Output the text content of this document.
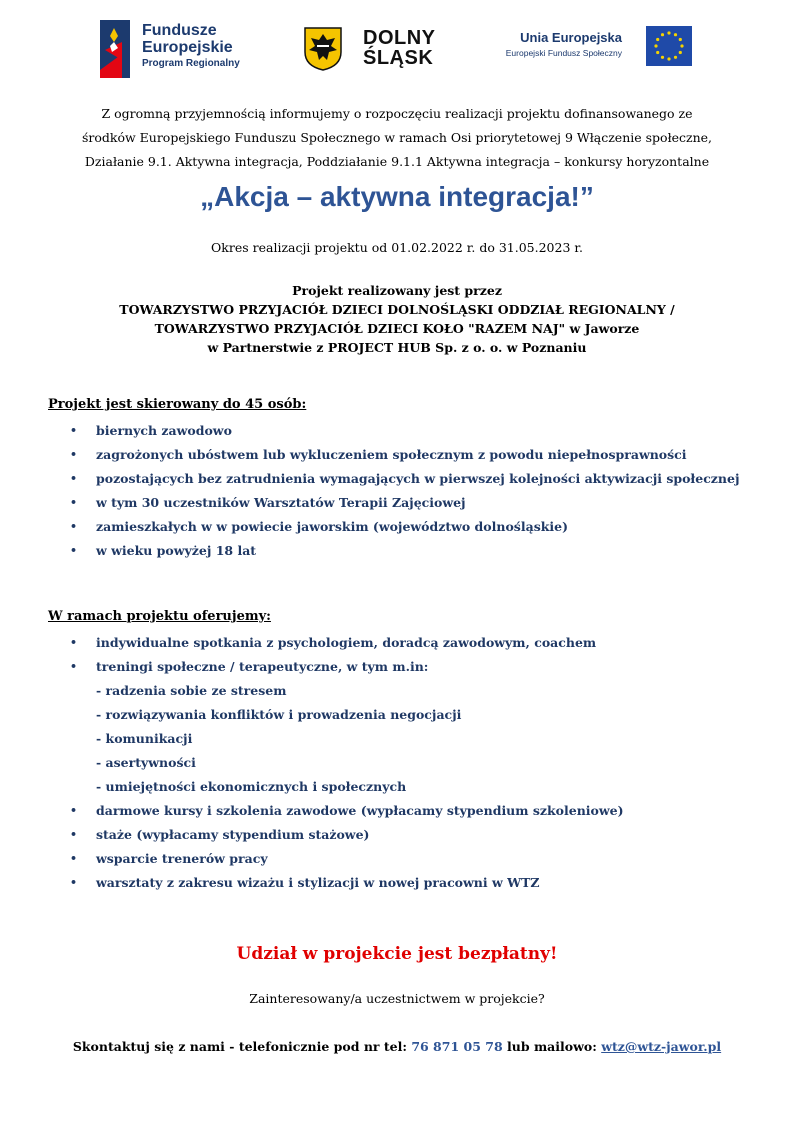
Fundusze
Europejskie
Program Regionalny
DOLNY
ŚLĄSK
Unia Europejska
Europejski Fundusz Społeczny
Z ogromną przyjemnością informujemy o rozpoczęciu realizacji projektu dofinansowanego ze
środków Europejskiego Funduszu Społecznego w ramach Osi priorytetowej 9 Włączenie społeczne,
Działanie 9.1. Aktywna integracja, Poddziałanie 9.1.1 Aktywna integracja – konkursy horyzontalne
„Akcja – aktywna integracja!”
Okres realizacji projektu od 01.02.2022 r. do 31.05.2023 r.
Projekt realizowany jest przez
TOWARZYSTWO PRZYJACIÓŁ DZIECI DOLNOŚLĄSKI ODDZIAŁ REGIONALNY /
TOWARZYSTWO PRZYJACIÓŁ DZIECI KOŁO "RAZEM NAJ" w Jaworze
w Partnerstwie z PROJECT HUB Sp. z o. o. w Poznaniu
Projekt jest skierowany do 45 osób:
• biernych zawodowo
• zagrożonych ubóstwem lub wykluczeniem społecznym z powodu niepełnosprawności
• pozostających bez zatrudnienia wymagających w pierwszej kolejności aktywizacji społecznej
• w tym 30 uczestników Warsztatów Terapii Zajęciowej
• zamieszkałych w w powiecie jaworskim (województwo dolnośląskie)
• w wieku powyżej 18 lat
W ramach projektu oferujemy:
• indywidualne spotkania z psychologiem, doradcą zawodowym, coachem
• treningi społeczne / terapeutyczne, w tym m.in:
- radzenia sobie ze stresem
- rozwiązywania konfliktów i prowadzenia negocjacji
- komunikacji
- asertywności
- umiejętności ekonomicznych i społecznych
• darmowe kursy i szkolenia zawodowe (wypłacamy stypendium szkoleniowe)
• staże (wypłacamy stypendium stażowe)
• wsparcie trenerów pracy
• warsztaty z zakresu wizażu i stylizacji w nowej pracowni w WTZ
Udział w projekcie jest bezpłatny!
Zainteresowany/a uczestnictwem w projekcie?
Skontaktuj się z nami - telefonicznie pod nr tel: 76 871 05 78 lub mailowo: wtz@wtz-jawor.pl
